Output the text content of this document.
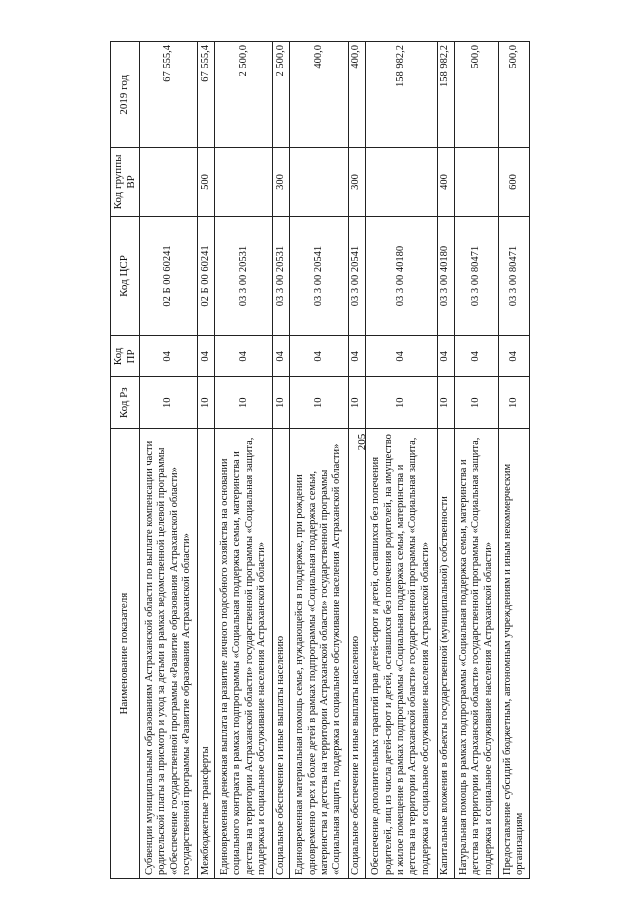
205
Наименование показателя	Код Рз	Код ПР	Код ЦСР	Код группы ВР	2019 год
Субвенции муниципальным образованиям Астраханской области по выплате компенсации части родительской платы за присмотр и уход за детьми в рамках ведомственной целевой программы «Обеспечение государственной программы «Развитие образования Астраханской области» государственной программы «Развитие образования Астраханской области»	10	04	02 Б 00 60241		67 555,4
Межбюджетные трансферты	10	04	02 Б 00 60241	500	67 555,4
Единовременная денежная выплата на развитие личного подсобного хозяйства на основании социального контракта в рамках подпрограммы «Социальная поддержка семьи, материнства и детства на территории Астраханской области» государственной программы «Социальная защита, поддержка и социальное обслуживание населения Астраханской области»	10	04	03 3 00 20531		2 500,0
Социальное обеспечение и иные выплаты населению	10	04	03 3 00 20531	300	2 500,0
Единовременная материальная помощь семье, нуждающейся в поддержке, при рождении одновременно трех и более детей в рамках подпрограммы «Социальная поддержка семьи, материнства и детства на территории Астраханской области» государственной программы «Социальная защита, поддержка и социальное обслуживание населения Астраханской области»	10	04	03 3 00 20541		400,0
Социальное обеспечение и иные выплаты населению	10	04	03 3 00 20541	300	400,0
Обеспечение дополнительных гарантий прав детей-сирот и детей, оставшихся без попечения родителей, лиц из числа детей-сирот и детей, оставшихся без попечения родителей, на имущество и жилое помещение в рамках подпрограммы «Социальная поддержка семьи, материнства и детства на территории Астраханской области» государственной программы «Социальная защита, поддержка и социальное обслуживание населения Астраханской области»	10	04	03 3 00 40180		158 982,2
Капитальные вложения в объекты государственной (муниципальной) собственности	10	04	03 3 00 40180	400	158 982,2
Натуральная помощь в рамках подпрограммы «Социальная поддержка семьи, материнства и детства на территории Астраханской области» государственной программы «Социальная защита, поддержка и социальное обслуживание населения Астраханской области»	10	04	03 3 00 80471		500,0
Предоставление субсидий бюджетным, автономным учреждениям и иным некоммерческим организациям	10	04	03 3 00 80471	600	500,0
